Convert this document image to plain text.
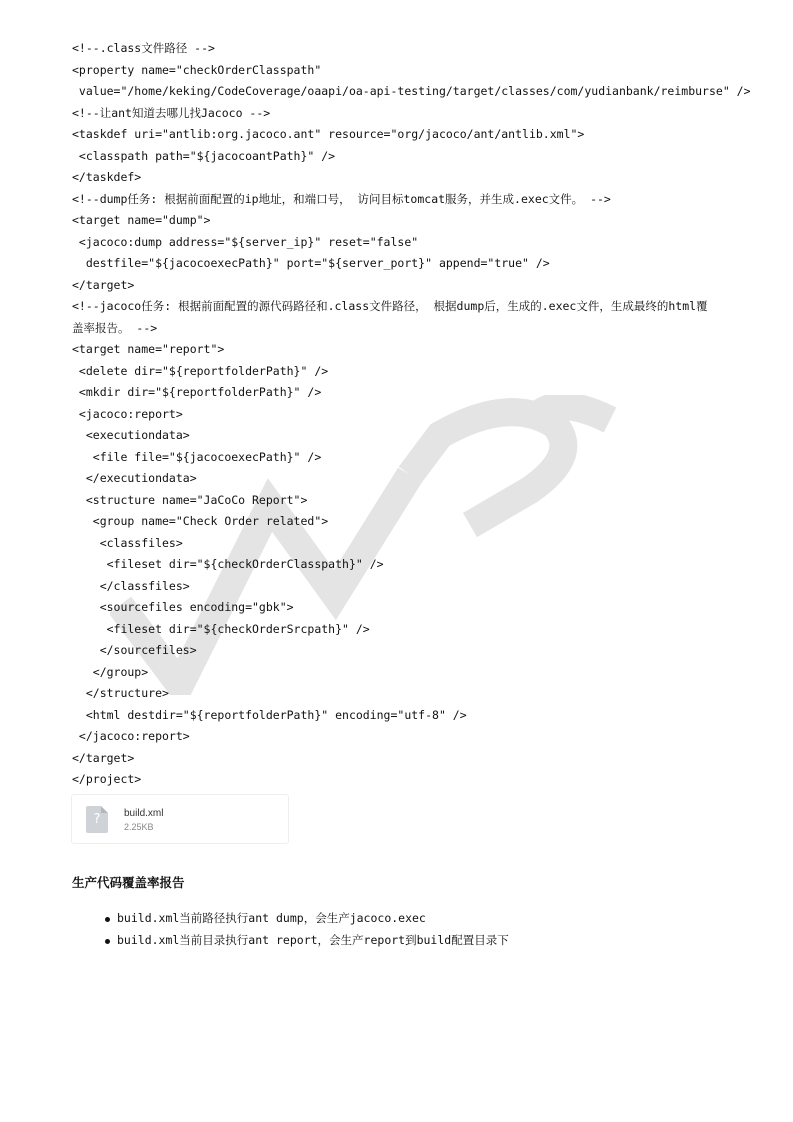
<!--.class文件路径 -->
<property name="checkOrderClasspath"
value="/home/keking/CodeCoverage/oaapi/oa-api-testing/target/classes/com/yudianbank/reimburse" />
<!--让ant知道去哪儿找Jacoco -->
<taskdef uri="antlib:org.jacoco.ant" resource="org/jacoco/ant/antlib.xml">
<classpath path="${jacocoantPath}" />
</taskdef>
<!--dump任务: 根据前面配置的ip地址，和端口号， 访问目标tomcat服务，并生成.exec文件。 -->
<target name="dump">
<jacoco:dump address="${server_ip}" reset="false"
destfile="${jacocoexecPath}" port="${server_port}" append="true" />
</target>
<!--jacoco任务: 根据前面配置的源代码路径和.class文件路径， 根据dump后，生成的.exec文件，生成最终的html覆
盖率报告。 -->
<target name="report">
<delete dir="${reportfolderPath}" />
<mkdir dir="${reportfolderPath}" />
<jacoco:report>
<executiondata>
<file file="${jacocoexecPath}" />
</executiondata>
<structure name="JaCoCo Report">
<group name="Check Order related">
<classfiles>
<fileset dir="${checkOrderClasspath}" />
</classfiles>
<sourcefiles encoding="gbk">
<fileset dir="${checkOrderSrcpath}" />
</sourcefiles>
</group>
</structure>
<html destdir="${reportfolderPath}" encoding="utf-8" />
</jacoco:report>
</target>
</project>
?	build.xml
2.25KB
生产代码覆盖率报告
build.xml当前路径执行ant dump，会生产jacoco.exec
build.xml当前目录执行ant report，会生产report到build配置目录下
